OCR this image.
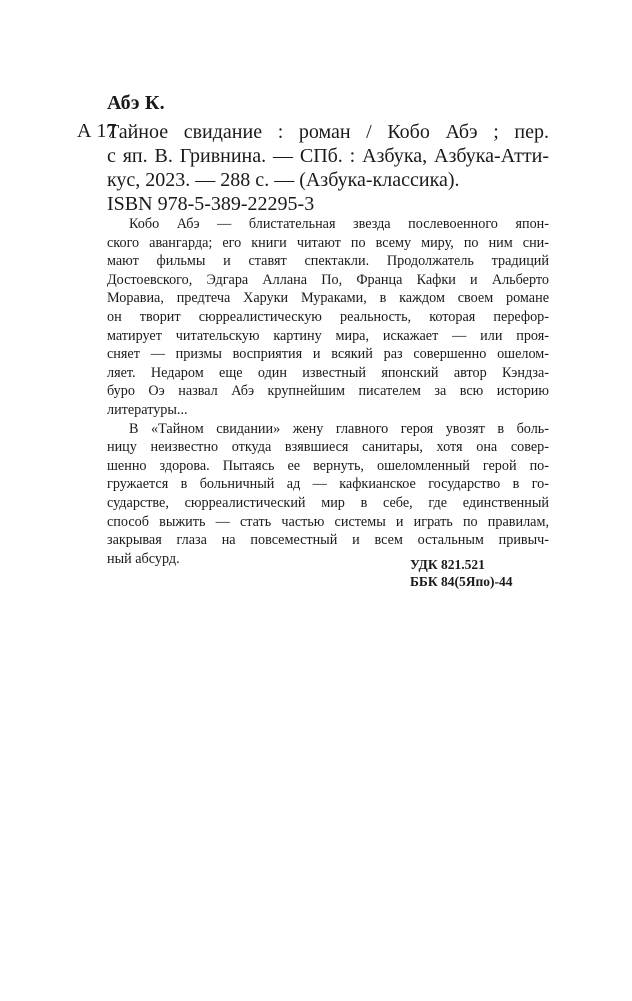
Абэ К.
А 17
Тайное свидание : роман / Кобо Абэ ; пер.
с яп. В. Гривнина. — СПб. : Азбука, Азбука-Атти-
кус, 2023. — 288 с. — (Азбука-классика).
ISBN 978-5-389-22295-3
Кобо Абэ — блистательная звезда послевоенного япон-
ского авангарда; его книги читают по всему миру, по ним сни-
мают фильмы и ставят спектакли. Продолжатель традиций
Достоевского, Эдгара Аллана По, Франца Кафки и Альберто
Моравиа, предтеча Харуки Мураками, в каждом своем романе
он творит сюрреалистическую реальность, которая перефор-
матирует читательскую картину мира, искажает — или проя-
сняет — призмы восприятия и всякий раз совершенно ошелом-
ляет. Недаром еще один известный японский автор Кэндза-
буро Оэ назвал Абэ крупнейшим писателем за всю историю
литературы...
В «Тайном свидании» жену главного героя увозят в боль-
ницу неизвестно откуда взявшиеся санитары, хотя она совер-
шенно здорова. Пытаясь ее вернуть, ошеломленный герой по-
гружается в больничный ад — кафкианское государство в го-
сударстве, сюрреалистический мир в себе, где единственный
способ выжить — стать частью системы и играть по правилам,
закрывая глаза на повсеместный и всем остальным привыч-
ный абсурд.	УДК 821.521
ББК 84(5Япо)-44
